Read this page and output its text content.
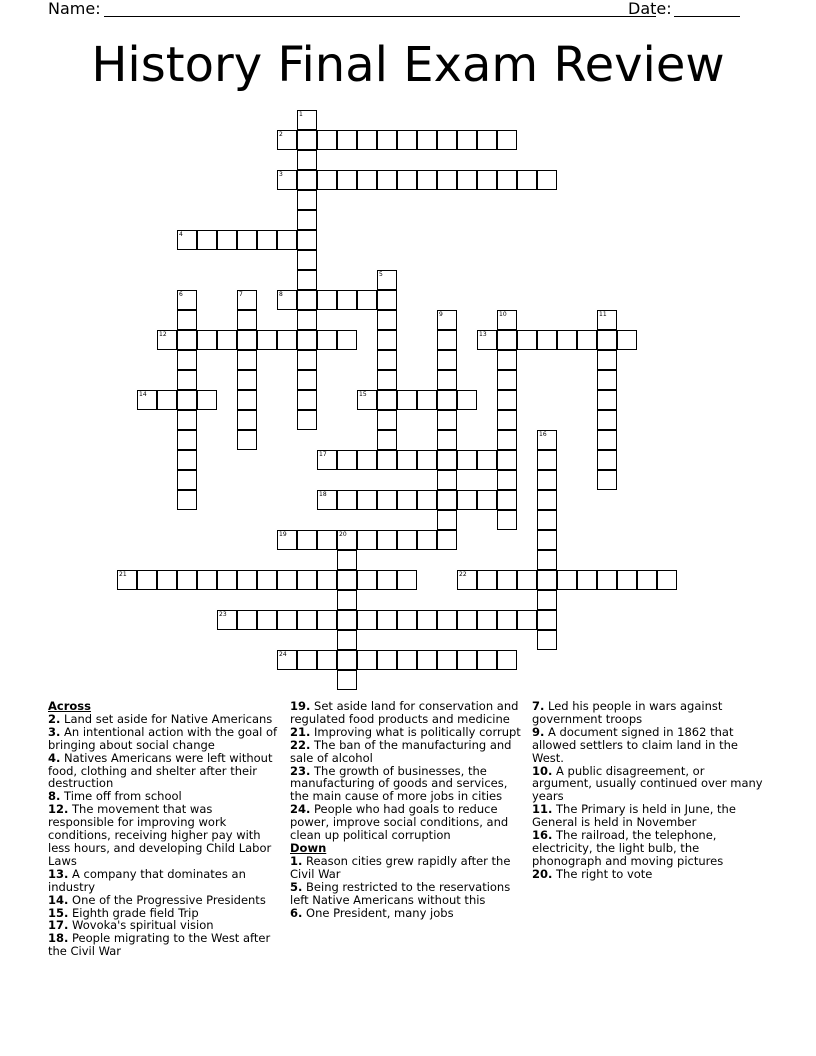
Name:	Date:
History Final Exam Review
1
2
3
4
5
6	7	8
9	10	11
12	13
14	15
16
17
18
19	20
21	22
23
24
Across
2. Land set aside for Native Americans
3. An intentional action with the goal of bringing about social change
4. Natives Americans were left without food, clothing and shelter after their destruction
8. Time off from school
12. The movement that was responsible for improving work conditions, receiving higher pay with less hours, and developing Child Labor Laws
13. A company that dominates an industry
14. One of the Progressive Presidents
15. Eighth grade field Trip
17. Wovoka's spiritual vision
18. People migrating to the West after the Civil War
19. Set aside land for conservation and regulated food products and medicine
21. Improving what is politically corrupt
22. The ban of the manufacturing and sale of alcohol
23. The growth of businesses, the manufacturing of goods and services, the main cause of more jobs in cities
24. People who had goals to reduce power, improve social conditions, and clean up political corruption
Down
1. Reason cities grew rapidly after the Civil War
5. Being restricted to the reservations left Native Americans without this
6. One President, many jobs
7. Led his people in wars against government troops
9. A document signed in 1862 that allowed settlers to claim land in the West.
10. A public disagreement, or argument, usually continued over many years
11. The Primary is held in June, the General is held in November
16. The railroad, the telephone, electricity, the light bulb, the phonograph and moving pictures
20. The right to vote
